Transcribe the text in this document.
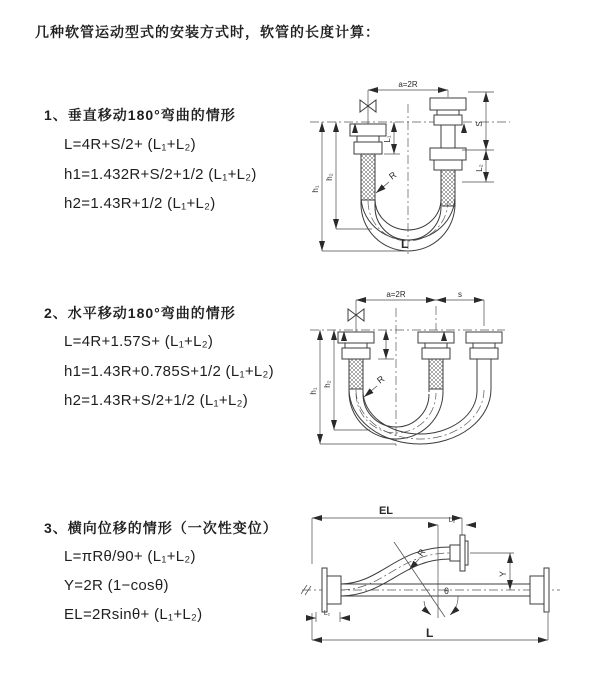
几种软管运动型式的安装方式时，软管的长度计算：
1、垂直移动180°弯曲的情形
L=4R+S/2+ (L₁+L₂)
h1=1.432R+S/2+1/2 (L₁+L₂)
h2=1.43R+1/2 (L₁+L₂)
2、水平移动180°弯曲的情形
L=4R+1.57S+ (L₁+L₂)
h1=1.43R+0.785S+1/2 (L₁+L₂)
h2=1.43R+S/2+1/2 (L₁+L₂)
3、横向位移的情形（一次性变位）
L=πRθ/90+ (L₁+L₂)
Y=2R (1−cosθ)
EL=2Rsinθ+ (L₁+L₂)
a=2R
S
L₂
L₁
h₁
h₂	R
L
a=2R	s
h₁
h₂	R
EL
L₂
Y
L
L₁
R
θ
